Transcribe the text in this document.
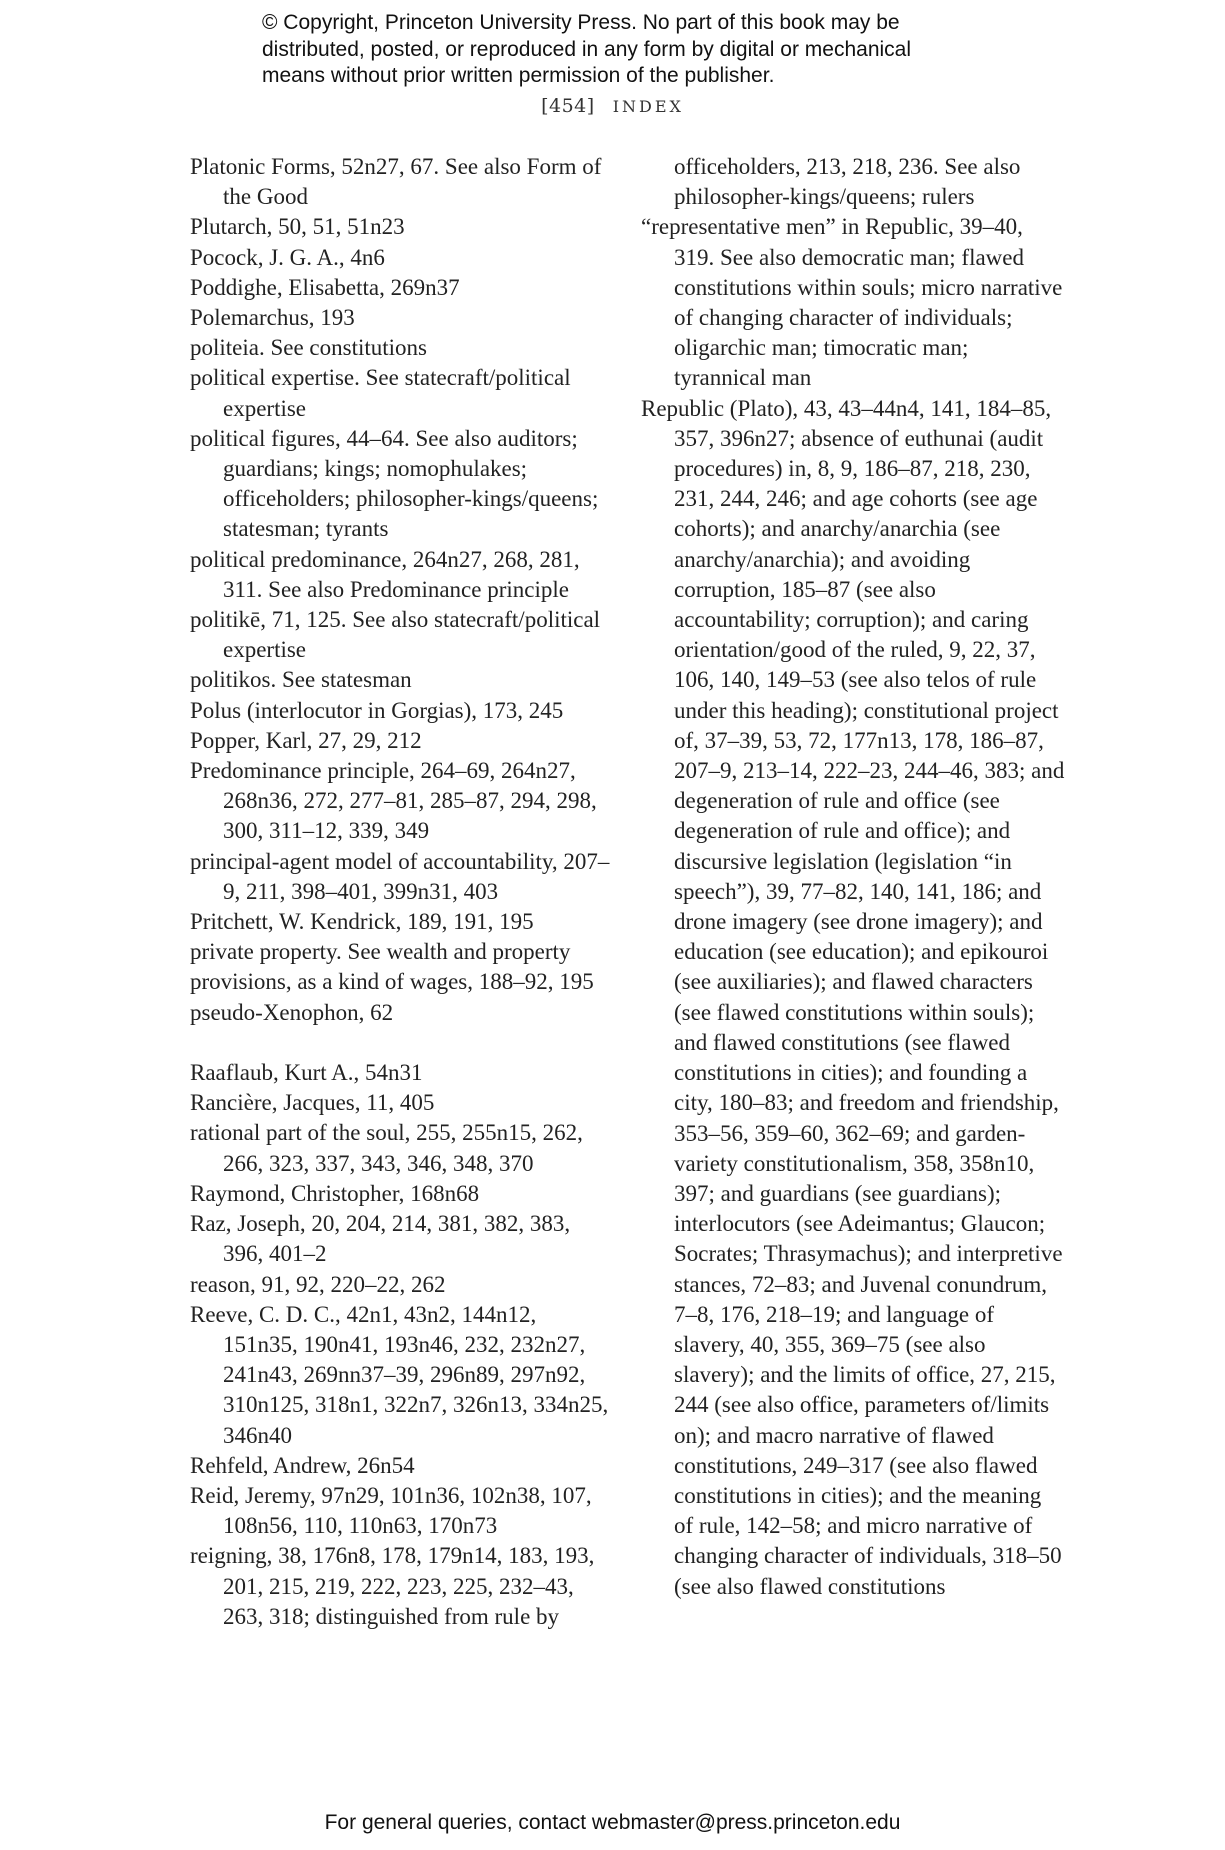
© Copyright, Princeton University Press. No part of this book may be
distributed, posted, or reproduced in any form by digital or mechanical
means without prior written permission of the publisher.
[454] INDEX
Platonic Forms, 52n27, 67. See also Form of the Good
Plutarch, 50, 51, 51n23
Pocock, J. G. A., 4n6
Poddighe, Elisabetta, 269n37
Polemarchus, 193
politeia. See constitutions
political expertise. See statecraft/political expertise
political figures, 44–64. See also auditors; guardians; kings; nomophulakes; officeholders; philosopher-kings/queens; statesman; tyrants
political predominance, 264n27, 268, 281, 311. See also Predominance principle
politikē, 71, 125. See also statecraft/political expertise
politikos. See statesman
Polus (interlocutor in Gorgias), 173, 245
Popper, Karl, 27, 29, 212
Predominance principle, 264–69, 264n27, 268n36, 272, 277–81, 285–87, 294, 298, 300, 311–12, 339, 349
principal-agent model of accountability, 207–9, 211, 398–401, 399n31, 403
Pritchett, W. Kendrick, 189, 191, 195
private property. See wealth and property
provisions, as a kind of wages, 188–92, 195
pseudo-Xenophon, 62
Raaflaub, Kurt A., 54n31
Rancière, Jacques, 11, 405
rational part of the soul, 255, 255n15, 262, 266, 323, 337, 343, 346, 348, 370
Raymond, Christopher, 168n68
Raz, Joseph, 20, 204, 214, 381, 382, 383, 396, 401–2
reason, 91, 92, 220–22, 262
Reeve, C. D. C., 42n1, 43n2, 144n12, 151n35, 190n41, 193n46, 232, 232n27, 241n43, 269nn37–39, 296n89, 297n92, 310n125, 318n1, 322n7, 326n13, 334n25, 346n40
Rehfeld, Andrew, 26n54
Reid, Jeremy, 97n29, 101n36, 102n38, 107, 108n56, 110, 110n63, 170n73
reigning, 38, 176n8, 178, 179n14, 183, 193, 201, 215, 219, 222, 223, 225, 232–43, 263, 318; distinguished from rule by
officeholders, 213, 218, 236. See also philosopher-kings/queens; rulers
“representative men” in Republic, 39–40, 319. See also democratic man; flawed constitutions within souls; micro narrative of changing character of individuals; oligarchic man; timocratic man; tyrannical man
Republic (Plato), 43, 43–44n4, 141, 184–85, 357, 396n27; absence of euthunai (audit procedures) in, 8, 9, 186–87, 218, 230, 231, 244, 246; and age cohorts (see age cohorts); and anarchy/anarchia (see anarchy/anarchia); and avoiding corruption, 185–87 (see also accountability; corruption); and caring orientation/good of the ruled, 9, 22, 37, 106, 140, 149–53 (see also telos of rule under this heading); constitutional project of, 37–39, 53, 72, 177n13, 178, 186–87, 207–9, 213–14, 222–23, 244–46, 383; and degeneration of rule and office (see degeneration of rule and office); and discursive legislation (legislation “in speech”), 39, 77–82, 140, 141, 186; and drone imagery (see drone imagery); and education (see education); and epikouroi (see auxiliaries); and flawed characters (see flawed constitutions within souls); and flawed constitutions (see flawed constitutions in cities); and founding a city, 180–83; and freedom and friendship, 353–56, 359–60, 362–69; and garden-variety constitutionalism, 358, 358n10, 397; and guardians (see guardians); interlocutors (see Adeimantus; Glaucon; Socrates; Thrasymachus); and interpretive stances, 72–83; and Juvenal conundrum, 7–8, 176, 218–19; and language of slavery, 40, 355, 369–75 (see also slavery); and the limits of office, 27, 215, 244 (see also office, parameters of/limits on); and macro narrative of flawed constitutions, 249–317 (see also flawed constitutions in cities); and the meaning of rule, 142–58; and micro narrative of changing character of individuals, 318–50 (see also flawed constitutions
For general queries, contact webmaster@press.princeton.edu
